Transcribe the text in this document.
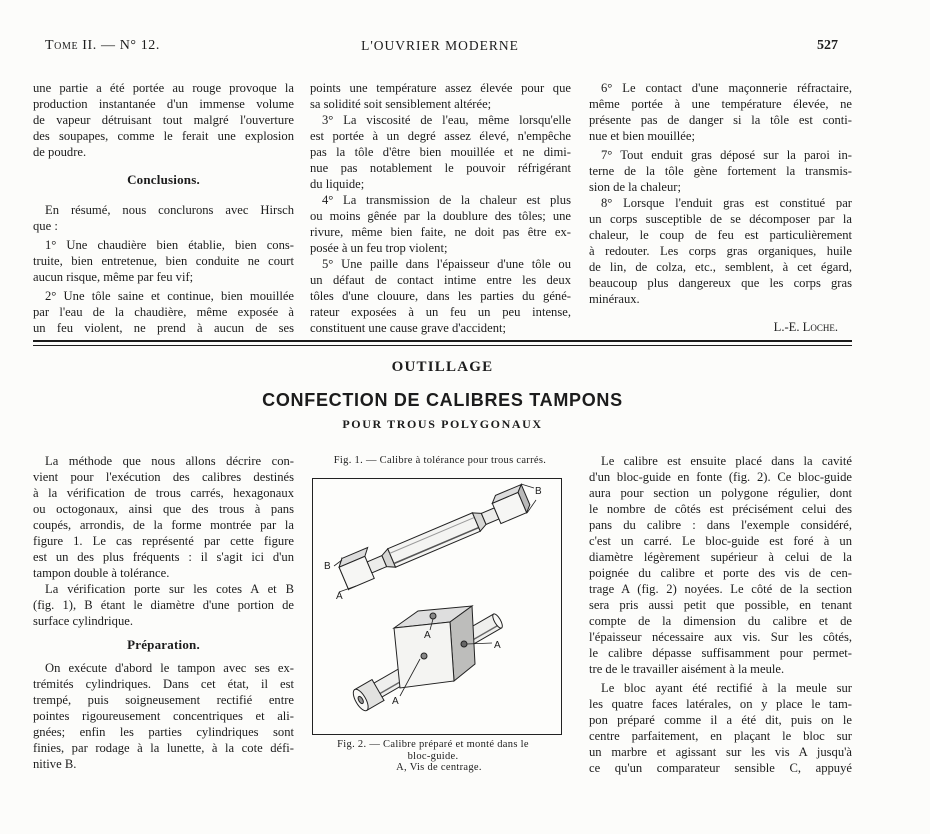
Tome II. — N° 12.	L'OUVRIER MODERNE	527
une partie a été portée au rouge provoque la
production instantanée d'un immense volume
de vapeur détruisant tout malgré l'ouverture
des soupapes, comme le ferait une explosion
de poudre.
Conclusions.
En résumé, nous conclurons avec Hirsch
que :
1° Une chaudière bien établie, bien cons-
truite, bien entretenue, bien conduite ne court
aucun risque, même par feu vif;
2° Une tôle saine et continue, bien mouillée
par l'eau de la chaudière, même exposée à
un feu violent, ne prend à aucun de ses
points une température assez élevée pour que
sa solidité soit sensiblement altérée;
3° La viscosité de l'eau, même lorsqu'elle
est portée à un degré assez élevé, n'empêche
pas la tôle d'être bien mouillée et ne dimi-
nue pas notablement le pouvoir réfrigérant
du liquide;
4° La transmission de la chaleur est plus
ou moins gênée par la doublure des tôles; une
rivure, même bien faite, ne doit pas être ex-
posée à un feu trop violent;
5° Une paille dans l'épaisseur d'une tôle ou
un défaut de contact intime entre les deux
tôles d'une clouure, dans les parties du géné-
rateur exposées à un feu un peu intense,
constituent une cause grave d'accident;
6° Le contact d'une maçonnerie réfractaire,
même portée à une température élevée, ne
présente pas de danger si la tôle est conti-
nue et bien mouillée;
7° Tout enduit gras déposé sur la paroi in-
terne de la tôle gène fortement la transmis-
sion de la chaleur;
8° Lorsque l'enduit gras est constitué par
un corps susceptible de se décomposer par la
chaleur, le coup de feu est particulièrement
à redouter. Les corps gras organiques, huile
de lin, de colza, etc., semblent, à cet égard,
beaucoup plus dangereux que les corps gras
minéraux.
L.-E. Loche.
OUTILLAGE
CONFECTION DE CALIBRES TAMPONS
POUR TROUS POLYGONAUX
La méthode que nous allons décrire con-
vient pour l'exécution des calibres destinés
à la vérification de trous carrés, hexagonaux
ou octogonaux, ainsi que des trous à pans
coupés, arrondis, de la forme montrée par la
figure 1. Le cas représenté par cette figure
est un des plus fréquents : il s'agit ici d'un
tampon double à tolérance.
La vérification porte sur les cotes A et B
(fig. 1), B étant le diamètre d'une portion de
surface cylindrique.
Préparation.
On exécute d'abord le tampon avec ses ex-
trémités cylindriques. Dans cet état, il est
trempé, puis soigneusement rectifié entre
pointes rigoureusement concentriques et ali-
gnées; enfin les parties cylindriques sont
finies, par rodage à la lunette, à la cote défi-
nitive B.
Fig. 1. — Calibre à tolérance pour trous carrés.
B
B
A
A
A
A
Fig. 2. — Calibre préparé et monté dans le
bloc-guide.
A, Vis de centrage.
Le calibre est ensuite placé dans la cavité
d'un bloc-guide en fonte (fig. 2). Ce bloc-guide
aura pour section un polygone régulier, dont
le nombre de côtés est précisément celui des
pans du calibre : dans l'exemple considéré,
c'est un carré. Le bloc-guide est foré à un
diamètre légèrement supérieur à celui de la
poignée du calibre et porte des vis de cen-
trage A (fig. 2) noyées. Le côté de la section
sera pris aussi petit que possible, en tenant
compte de la dimension du calibre et de
l'épaisseur nécessaire aux vis. Sur les côtés,
le calibre dépasse suffisamment pour permet-
tre de le travailler aisément à la meule.
Le bloc ayant été rectifié à la meule sur
les quatre faces latérales, on y place le tam-
pon préparé comme il a été dit, puis on le
centre parfaitement, en plaçant le bloc sur
un marbre et agissant sur les vis A jusqu'à
ce qu'un comparateur sensible C, appuyé
